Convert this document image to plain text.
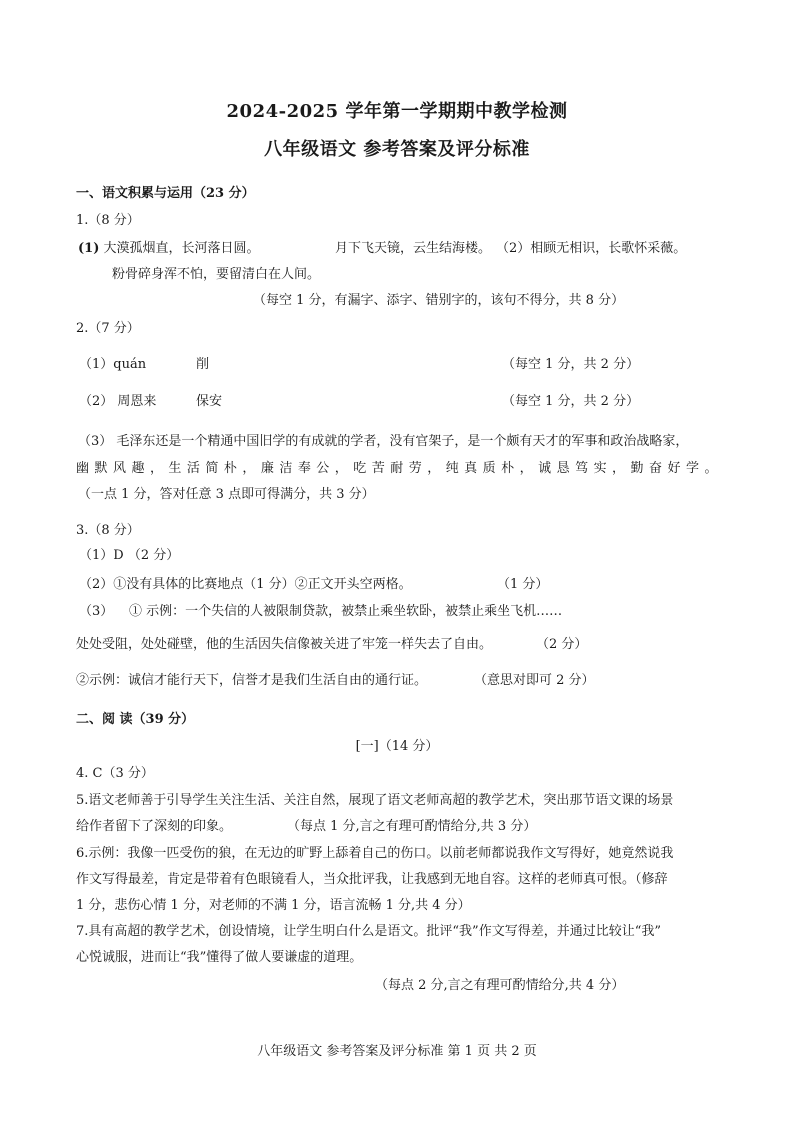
2024-2025 学年第一学期期中教学检测
八年级语文 参考答案及评分标准
一、语文积累与运用（23 分）
1.（8 分）
(1) 大漠孤烟直，长河落日圆。	月下飞天镜，云生结海楼。 （2）相顾无相识，长歌怀采薇。
粉骨碎身浑不怕，要留清白在人间。
（每空 1 分，有漏字、添字、错别字的，该句不得分，共 8 分）
2.（7 分）
（1）quán	削	（每空 1 分，共 2 分）
（2） 周恩来	保安	（每空 1 分，共 2 分）
（3） 毛泽东还是一个精通中国旧学的有成就的学者，没有官架子，是一个颇有天才的军事和政治战略家，
幽 默 风 趣 ， 生 活 简 朴 ， 廉 洁 奉 公 ， 吃 苦 耐 劳 ， 纯 真 质 朴 ， 诚 恳 笃 实 ， 勤 奋 好 学 。
（一点 1 分，答对任意 3 点即可得满分，共 3 分）
3.（8 分）
（1）D （2 分）
（2）①没有具体的比赛地点（1 分）②正文开头空两格。	（1 分）
（3） ① 示例：一个失信的人被限制贷款，被禁止乘坐软卧，被禁止乘坐飞机……
处处受阻，处处碰壁，他的生活因失信像被关进了牢笼一样失去了自由。	（2 分）
②示例：诚信才能行天下，信誉才是我们生活自由的通行证。	（意思对即可 2 分）
二、阅 读（39 分）
[一]（14 分）
4. C（3 分）
5.语文老师善于引导学生关注生活、关注自然，展现了语文老师高超的教学艺术，突出那节语文课的场景
给作者留下了深刻的印象。	（每点 1 分,言之有理可酌情给分,共 3 分）
6.示例：我像一匹受伤的狼，在无边的旷野上舔着自己的伤口。以前老师都说我作文写得好，她竟然说我
作文写得最差，肯定是带着有色眼镜看人，当众批评我，让我感到无地自容。这样的老师真可恨。（修辞
1 分，悲伤心情 1 分，对老师的不满 1 分，语言流畅 1 分,共 4 分）
7.具有高超的教学艺术，创设情境，让学生明白什么是语文。批评“我”作文写得差，并通过比较让“我”
心悦诚服，进而让“我”懂得了做人要谦虚的道理。
（每点 2 分,言之有理可酌情给分,共 4 分）
八年级语文 参考答案及评分标准 第 1 页 共 2 页
